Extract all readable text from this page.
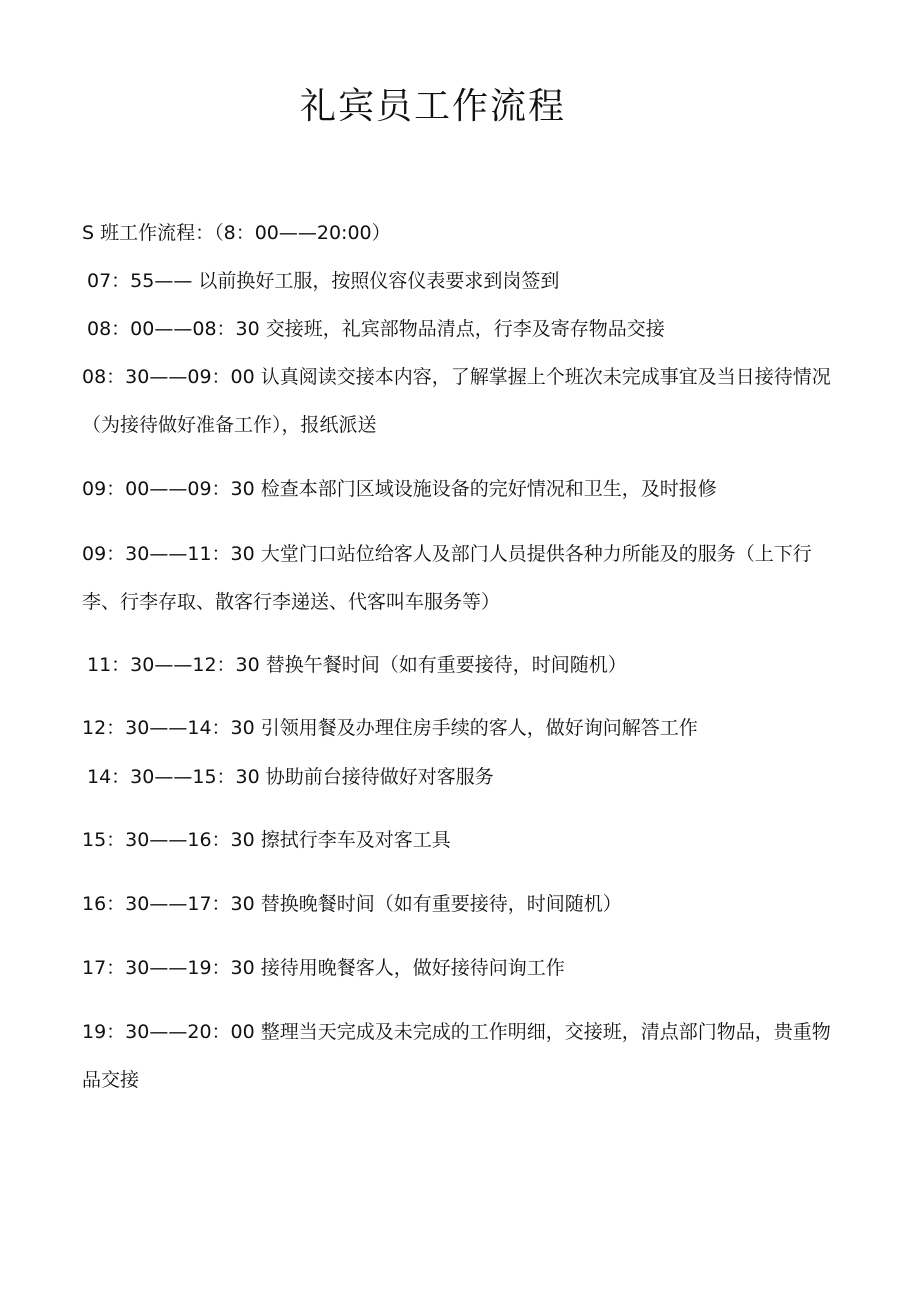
礼宾员工作流程
S 班工作流程：（8：00——20:00）
07：55—— 以前换好工服，按照仪容仪表要求到岗签到
08：00——08：30 交接班，礼宾部物品清点，行李及寄存物品交接
08：30——09：00 认真阅读交接本内容，了解掌握上个班次未完成事宜及当日接待情况（为接待做好准备工作），报纸派送
09：00——09：30 检查本部门区域设施设备的完好情况和卫生，及时报修
09：30——11：30 大堂门口站位给客人及部门人员提供各种力所能及的服务（上下行李、行李存取、散客行李递送、代客叫车服务等）
11：30——12：30 替换午餐时间（如有重要接待，时间随机）
12：30——14：30 引领用餐及办理住房手续的客人，做好询问解答工作
14：30——15：30 协助前台接待做好对客服务
15：30——16：30 擦拭行李车及对客工具
16：30——17：30 替换晚餐时间（如有重要接待，时间随机）
17：30——19：30 接待用晚餐客人，做好接待问询工作
19：30——20：00 整理当天完成及未完成的工作明细，交接班，清点部门物品，贵重物品交接
